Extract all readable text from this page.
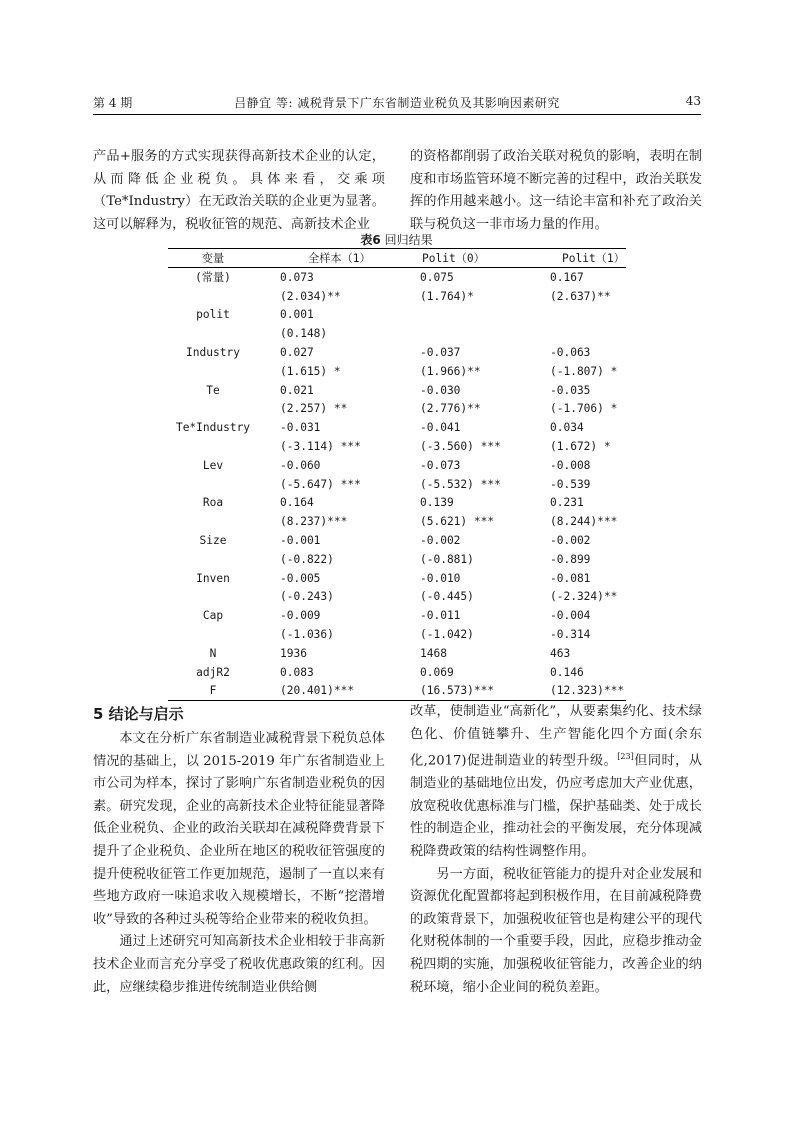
第 4 期	吕静宜 等: 减税背景下广东省制造业税负及其影响因素研究	43

产品+服务的方式实现获得高新技术企业的认定，从而降低企业税负。具体来看，交乘项（Te*Industry）在无政治关联的企业更为显著。这可以解释为，税收征管的规范、高新技术企业

的资格都削弱了政治关联对税负的影响，表明在制度和市场监管环境不断完善的过程中，政治关联发挥的作用越来越小。这一结论丰富和补充了政治关联与税负这一非市场力量的作用。

表6 回归结果
变量	全样本（1）	Polit（0）	Polit（1）
(常量)	0.073	0.075	0.167
	(2.034)**	(1.764)*	(2.637)**
polit	0.001		
	(0.148)		
Industry	0.027	-0.037	-0.063
	(1.615) *	(1.966)**	(-1.807) *
Te	0.021	-0.030	-0.035
	(2.257) **	(2.776)**	(-1.706) *
Te*Industry	-0.031	-0.041	0.034
	(-3.114) ***	(-3.560) ***	(1.672) *
Lev	-0.060	-0.073	-0.008
	(-5.647) ***	(-5.532) ***	-0.539
Roa	0.164	0.139	0.231
	(8.237)***	(5.621) ***	(8.244)***
Size	-0.001	-0.002	-0.002
	(-0.822)	(-0.881)	-0.899
Inven	-0.005	-0.010	-0.081
	(-0.243)	(-0.445)	(-2.324)**
Cap	-0.009	-0.011	-0.004
	(-1.036)	(-1.042)	-0.314
N	1936	1468	463
adjR2	0.083	0.069	0.146
F	(20.401)***	(16.573)***	(12.323)***
5 结论与启示

本文在分析广东省制造业减税背景下税负总体情况的基础上，以 2015-2019 年广东省制造业上市公司为样本，探讨了影响广东省制造业税负的因素。研究发现，企业的高新技术企业特征能显著降低企业税负、企业的政治关联却在减税降费背景下提升了企业税负、企业所在地区的税收征管强度的提升使税收征管工作更加规范，遏制了一直以来有些地方政府一味追求收入规模增长，不断“挖潜增收”导致的各种过头税等给企业带来的税收负担。

通过上述研究可知高新技术企业相较于非高新技术企业而言充分享受了税收优惠政策的红利。因此，应继续稳步推进传统制造业供给侧

改革，使制造业“高新化”，从要素集约化、技术绿色化、价值链攀升、生产智能化四个方面(余东化,2017)促进制造业的转型升级。[23]但同时，从制造业的基础地位出发，仍应考虑加大产业优惠，放宽税收优惠标准与门槛，保护基础类、处于成长性的制造企业，推动社会的平衡发展，充分体现减税降费政策的结构性调整作用。

另一方面，税收征管能力的提升对企业发展和资源优化配置都将起到积极作用，在目前减税降费的政策背景下，加强税收征管也是构建公平的现代化财税体制的一个重要手段，因此，应稳步推动金税四期的实施，加强税收征管能力，改善企业的纳税环境，缩小企业间的税负差距。
